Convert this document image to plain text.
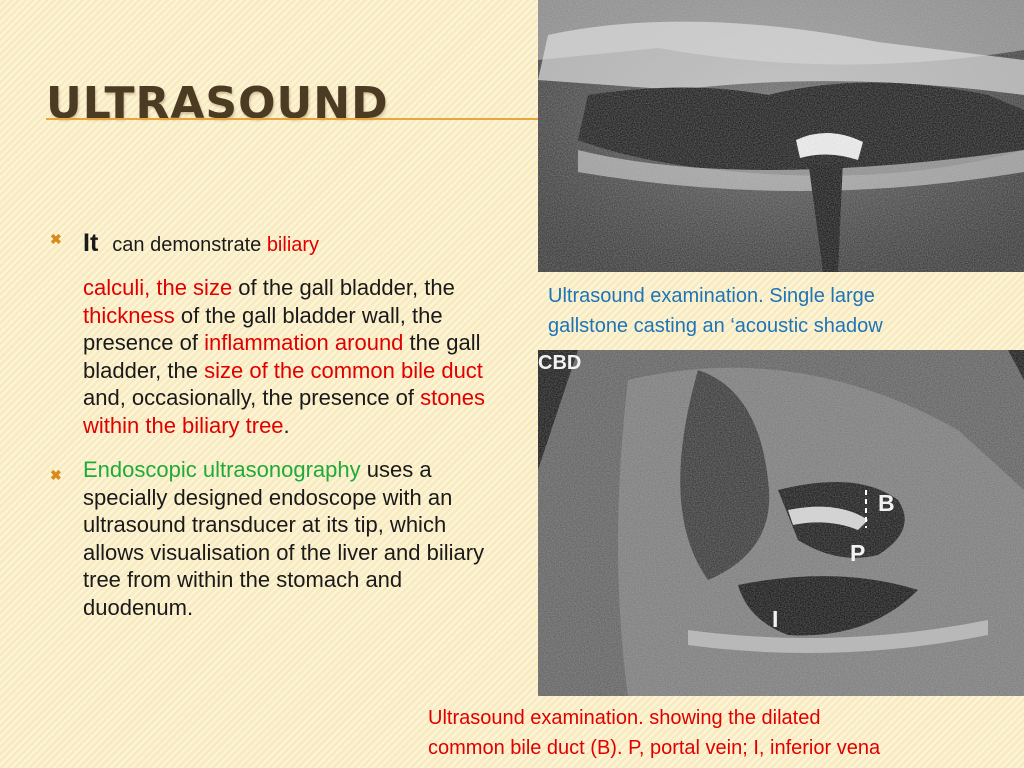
ULTRASOUND
✖ It can demonstrate biliary
calculi, the size of the gall bladder, the thickness of the gall bladder wall, the presence of inflammation around the gall bladder, the size of the common bile duct and, occasionally, the presence of stones within the biliary tree.
✖ Endoscopic ultrasonography uses a specially designed endoscope with an ultrasound transducer at its tip, which allows visualisation of the liver and biliary tree from within the stomach and duodenum.

Ultrasound examination. Single large
gallstone casting an ‘acoustic shadow

CBD
B
P
I

Ultrasound examination. showing the dilated
common bile duct (B). P, portal vein; I, inferior vena
